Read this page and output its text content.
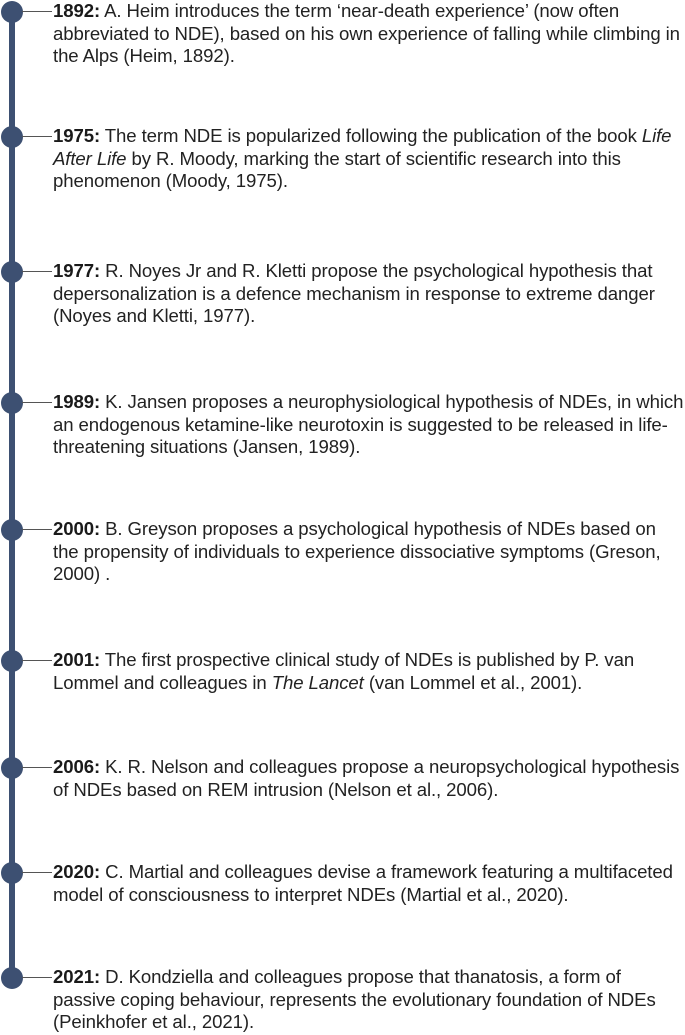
1892: A. Heim introduces the term ‘near-death experience’ (now often abbreviated to NDE), based on his own experience of falling while climbing in the Alps (Heim, 1892).
1975: The term NDE is popularized following the publication of the book Life After Life by R. Moody, marking the start of scientific research into this phenomenon (Moody, 1975).
1977: R. Noyes Jr and R. Kletti propose the psychological hypothesis that depersonalization is a defence mechanism in response to extreme danger (Noyes and Kletti, 1977).
1989: K. Jansen proposes a neurophysiological hypothesis of NDEs, in which an endogenous ketamine-like neurotoxin is suggested to be released in life-threatening situations (Jansen, 1989).
2000: B. Greyson proposes a psychological hypothesis of NDEs based on the propensity of individuals to experience dissociative symptoms (Greson, 2000) .
2001: The first prospective clinical study of NDEs is published by P. van Lommel and colleagues in The Lancet (van Lommel et al., 2001).
2006: K. R. Nelson and colleagues propose a neuropsychological hypothesis of NDEs based on REM intrusion (Nelson et al., 2006).
2020: C. Martial and colleagues devise a framework featuring a multifaceted model of consciousness to interpret NDEs (Martial et al., 2020).
2021: D. Kondziella and colleagues propose that thanatosis, a form of passive coping behaviour, represents the evolutionary foundation of NDEs (Peinkhofer et al., 2021).
